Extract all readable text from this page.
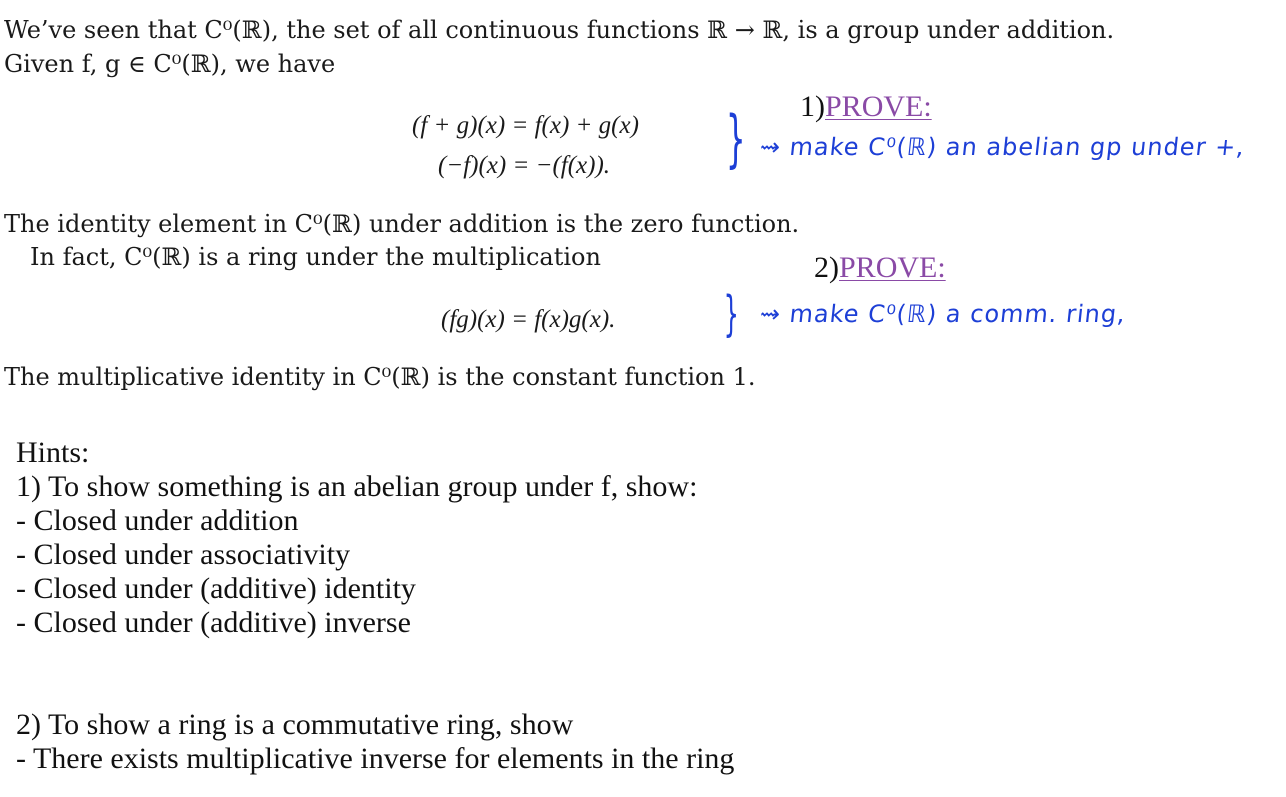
We’ve seen that C⁰(ℝ), the set of all continuous functions ℝ → ℝ, is a group under addition.
Given f, g ∈ C⁰(ℝ), we have
(f + g)(x) = f(x) + g(x)
(−f)(x) = −(f(x)).
The identity element in C⁰(ℝ) under addition is the zero function.
In fact, C⁰(ℝ) is a ring under the multiplication
(fg)(x) = f(x)g(x).
The multiplicative identity in C⁰(ℝ) is the constant function 1.
}
}
1)PROVE:
⇝ make C⁰(ℝ) an abelian gp under +,
2)PROVE:
⇝ make C⁰(ℝ) a comm. ring,
Hints:
1) To show something is an abelian group under f, show:
- Closed under addition
- Closed under associativity
- Closed under (additive) identity
- Closed under (additive) inverse
2) To show a ring is a commutative ring, show
- There exists multiplicative inverse for elements in the ring
